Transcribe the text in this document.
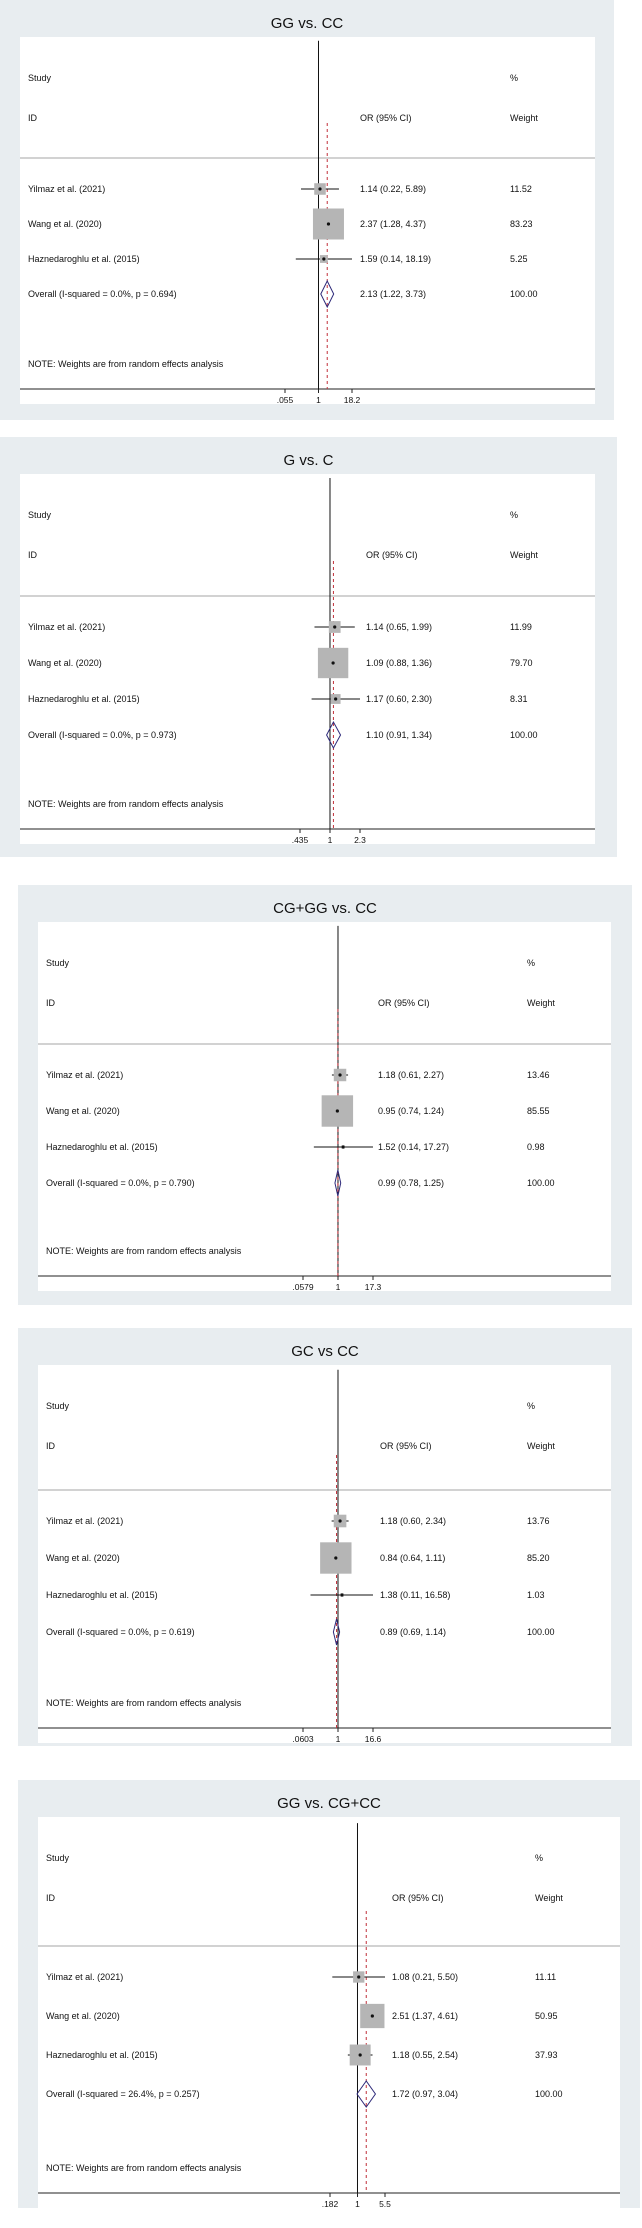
GG vs. CC
Study
ID	OR (95% CI)
%
Weight
.055	1	18.2
Yilmaz et al. (2021)	1.14 (0.22, 5.89)	11.52
Wang et al. (2020)	2.37 (1.28, 4.37)	83.23
Haznedaroghlu et al. (2015)	1.59 (0.14, 18.19)	5.25
Overall (I-squared = 0.0%, p = 0.694)	2.13 (1.22, 3.73)	100.00
NOTE: Weights are from random effects analysis
G vs. C
Study
ID	OR (95% CI)
%
Weight
.435 1	2.3
Yilmaz et al. (2021)	1.14 (0.65, 1.99)	11.99
Wang et al. (2020)	1.09 (0.88, 1.36)	79.70
Haznedaroghlu et al. (2015)	1.17 (0.60, 2.30)	8.31
Overall (I-squared = 0.0%, p = 0.973)	1.10 (0.91, 1.34)	100.00
NOTE: Weights are from random effects analysis
CG+GG vs. CC
Study
ID	OR (95% CI)
%
Weight
.0579	1	17.3
Yilmaz et al. (2021)	1.18 (0.61, 2.27)	13.46
Wang et al. (2020)	0.95 (0.74, 1.24)	85.55
Haznedaroghlu et al. (2015)	1.52 (0.14, 17.27)	0.98
Overall (I-squared = 0.0%, p = 0.790)	0.99 (0.78, 1.25)	100.00
NOTE: Weights are from random effects analysis
GC vs CC
Study
ID	OR (95% CI)
%
Weight
.0603	1	16.6
Yilmaz et al. (2021)	1.18 (0.60, 2.34)	13.76
Wang et al. (2020)	0.84 (0.64, 1.11)	85.20
Haznedaroghlu et al. (2015)	1.38 (0.11, 16.58)	1.03
Overall (I-squared = 0.0%, p = 0.619)	0.89 (0.69, 1.14)	100.00
NOTE: Weights are from random effects analysis
GG vs. CG+CC
Study
ID	OR (95% CI)
%
Weight
.182 1 5.5
Yilmaz et al. (2021)	1.08 (0.21, 5.50)	11.11
Wang et al. (2020)	2.51 (1.37, 4.61)	50.95
Haznedaroghlu et al. (2015)	1.18 (0.55, 2.54)	37.93
Overall (I-squared = 26.4%, p = 0.257)	1.72 (0.97, 3.04)	100.00
NOTE: Weights are from random effects analysis
